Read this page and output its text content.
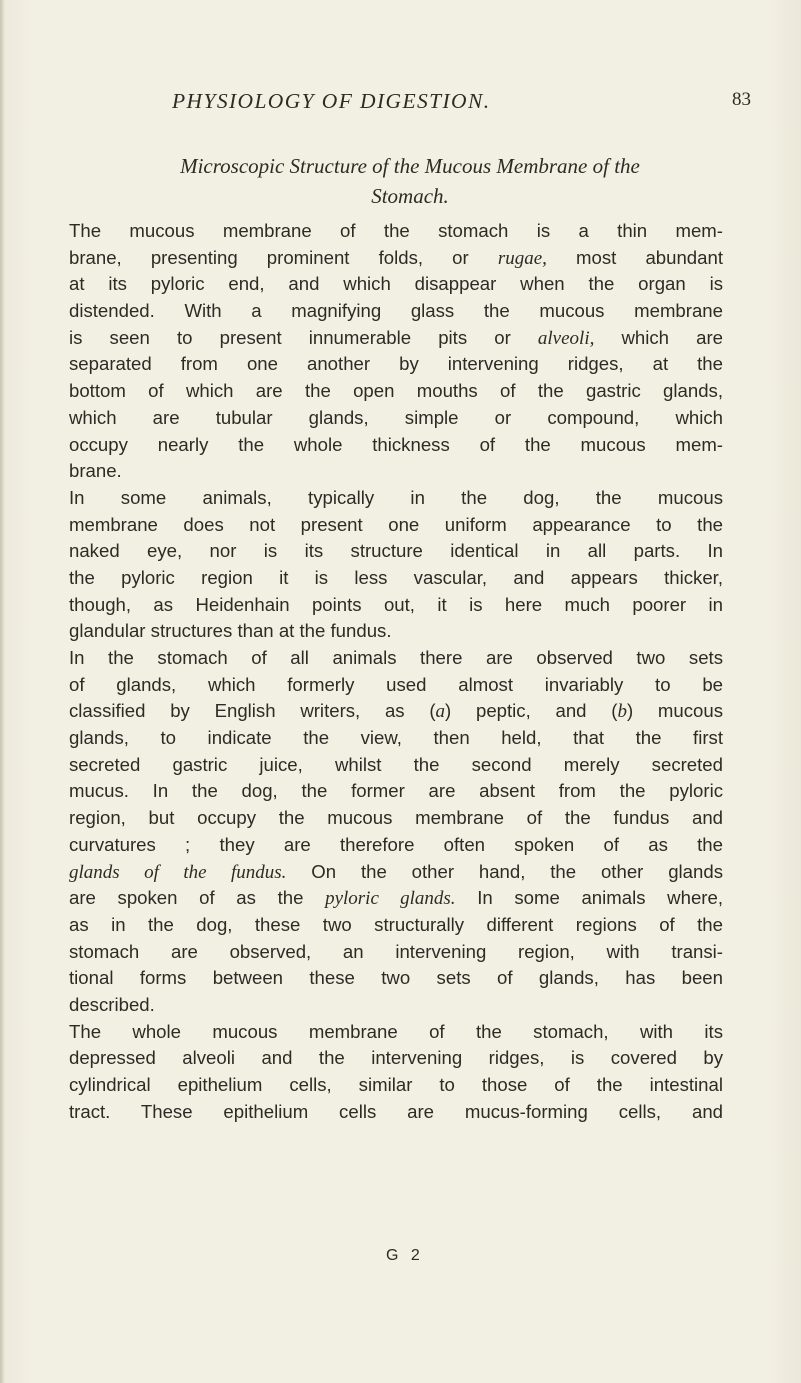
PHYSIOLOGY OF DIGESTION.	83
Microscopic Structure of the Mucous Membrane of the
Stomach.
The mucous membrane of the stomach is a thin mem-
brane, presenting prominent folds, or rugae, most abundant
at its pyloric end, and which disappear when the organ is
distended. With a magnifying glass the mucous membrane
is seen to present innumerable pits or alveoli, which are
separated from one another by intervening ridges, at the
bottom of which are the open mouths of the gastric glands,
which are tubular glands, simple or compound, which
occupy nearly the whole thickness of the mucous mem-
brane.
In some animals, typically in the dog, the mucous
membrane does not present one uniform appearance to the
naked eye, nor is its structure identical in all parts. In
the pyloric region it is less vascular, and appears thicker,
though, as Heidenhain points out, it is here much poorer in
glandular structures than at the fundus.
In the stomach of all animals there are observed two sets
of glands, which formerly used almost invariably to be
classified by English writers, as (a) peptic, and (b) mucous
glands, to indicate the view, then held, that the first
secreted gastric juice, whilst the second merely secreted
mucus. In the dog, the former are absent from the pyloric
region, but occupy the mucous membrane of the fundus and
curvatures ; they are therefore often spoken of as the
glands of the fundus. On the other hand, the other glands
are spoken of as the pyloric glands. In some animals where,
as in the dog, these two structurally different regions of the
stomach are observed, an intervening region, with transi-
tional forms between these two sets of glands, has been
described.
The whole mucous membrane of the stomach, with its
depressed alveoli and the intervening ridges, is covered by
cylindrical epithelium cells, similar to those of the intestinal
tract. These epithelium cells are mucus-forming cells, and
G 2
